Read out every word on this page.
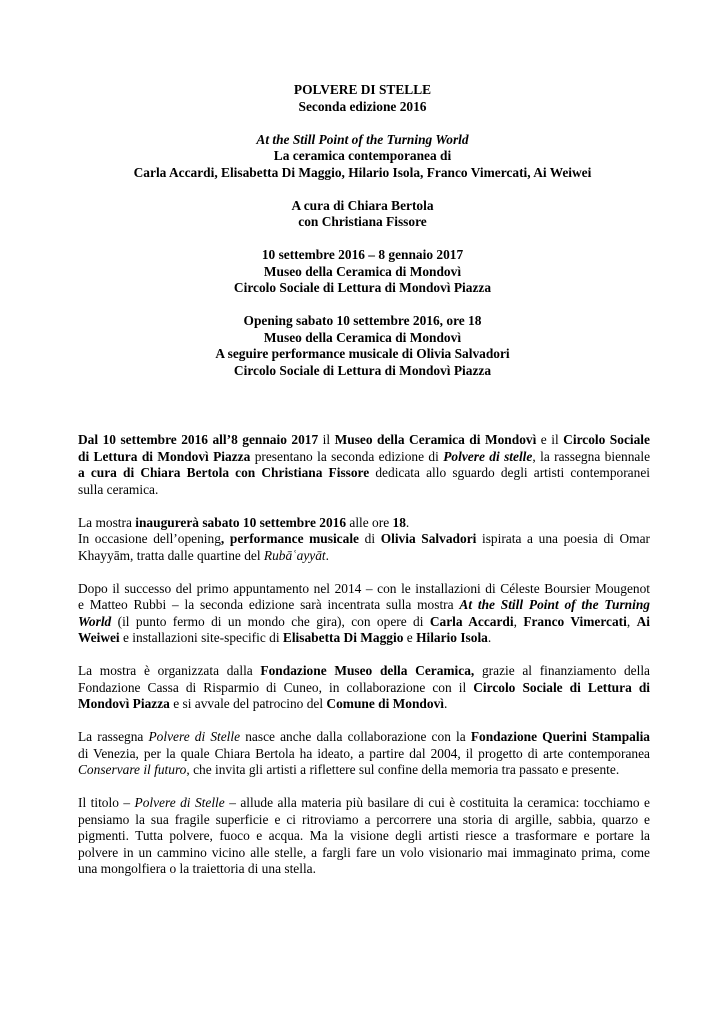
POLVERE DI STELLE
Seconda edizione 2016
At the Still Point of the Turning World
La ceramica contemporanea di
Carla Accardi, Elisabetta Di Maggio, Hilario Isola, Franco Vimercati, Ai Weiwei
A cura di Chiara Bertola
con Christiana Fissore
10 settembre 2016 – 8 gennaio 2017
Museo della Ceramica di Mondovì
Circolo Sociale di Lettura di Mondovì Piazza
Opening sabato 10 settembre 2016, ore 18
Museo della Ceramica di Mondovì
A seguire performance musicale di Olivia Salvadori
Circolo Sociale di Lettura di Mondovì Piazza

Dal 10 settembre 2016 all’8 gennaio 2017 il Museo della Ceramica di Mondovì e il Circolo Sociale
di Lettura di Mondovì Piazza presentano la seconda edizione di Polvere di stelle, la rassegna biennale
a cura di Chiara Bertola con Christiana Fissore dedicata allo sguardo degli artisti contemporanei
sulla ceramica.

La mostra inaugurerà sabato 10 settembre 2016 alle ore 18.
In occasione dell’opening, performance musicale di Olivia Salvadori ispirata a una poesia di Omar
Khayyām, tratta dalle quartine del Rubāʿayyāt.

Dopo il successo del primo appuntamento nel 2014 – con le installazioni di Céleste Boursier Mougenot
e Matteo Rubbi – la seconda edizione sarà incentrata sulla mostra At the Still Point of the Turning
World (il punto fermo di un mondo che gira), con opere di Carla Accardi, Franco Vimercati, Ai
Weiwei e installazioni site-specific di Elisabetta Di Maggio e Hilario Isola.

La mostra è organizzata dalla Fondazione Museo della Ceramica, grazie al finanziamento della
Fondazione Cassa di Risparmio di Cuneo, in collaborazione con il Circolo Sociale di Lettura di
Mondovì Piazza e si avvale del patrocino del Comune di Mondovì.

La rassegna Polvere di Stelle nasce anche dalla collaborazione con la Fondazione Querini Stampalia
di Venezia, per la quale Chiara Bertola ha ideato, a partire dal 2004, il progetto di arte contemporanea
Conservare il futuro, che invita gli artisti a riflettere sul confine della memoria tra passato e presente.

Il titolo – Polvere di Stelle – allude alla materia più basilare di cui è costituita la ceramica: tocchiamo e
pensiamo la sua fragile superficie e ci ritroviamo a percorrere una storia di argille, sabbia, quarzo e
pigmenti. Tutta polvere, fuoco e acqua. Ma la visione degli artisti riesce a trasformare e portare la
polvere in un cammino vicino alle stelle, a fargli fare un volo visionario mai immaginato prima, come
una mongolfiera o la traiettoria di una stella.
